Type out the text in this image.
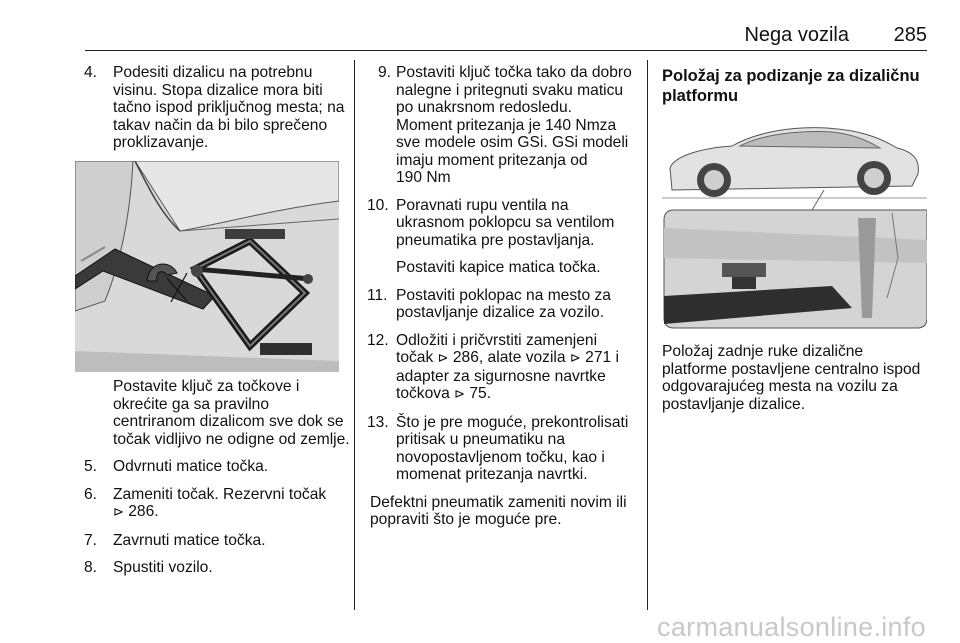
Nega vozila 285
4. Podesiti dizalicu na potrebnu
visinu. Stopa dizalice mora biti
tačno ispod priključnog mesta; na
takav način da bi bilo sprečeno
proklizavanje.
Postavite ključ za točkove i
okrećite ga sa pravilno
centriranom dizalicom sve dok se
točak vidljivo ne odigne od zemlje.
5. Odvrnuti matice točka.
6. Zameniti točak. Rezervni točak
⊳ 286.
7. Zavrnuti matice točka.
8. Spustiti vozilo.
9. Postaviti ključ točka tako da dobro
nalegne i pritegnuti svaku maticu
po unakrsnom redosledu.
Moment pritezanja je 140 Nmza
sve modele osim GSi. GSi modeli
imaju moment pritezanja od
190 Nm
10. Poravnati rupu ventila na
ukrasnom poklopcu sa ventilom
pneumatika pre postavljanja.
Postaviti kapice matica točka.
11. Postaviti poklopac na mesto za
postavljanje dizalice za vozilo.
12. Odložiti i pričvrstiti zamenjeni
točak ⊳ 286, alate vozila ⊳ 271 i
adapter za sigurnosne navrtke
točkova ⊳ 75.
13. Što je pre moguće, prekontrolisati
pritisak u pneumatiku na
novopostavljenom točku, kao i
momenat pritezanja navrtki.
Defektni pneumatik zameniti novim ili
popraviti što je moguće pre.
Položaj za podizanje za dizaličnu
platformu
Položaj zadnje ruke dizalične
platforme postavljene centralno ispod
odgovarajućeg mesta na vozilu za
postavljanje dizalice.
carmanualsonline.info
